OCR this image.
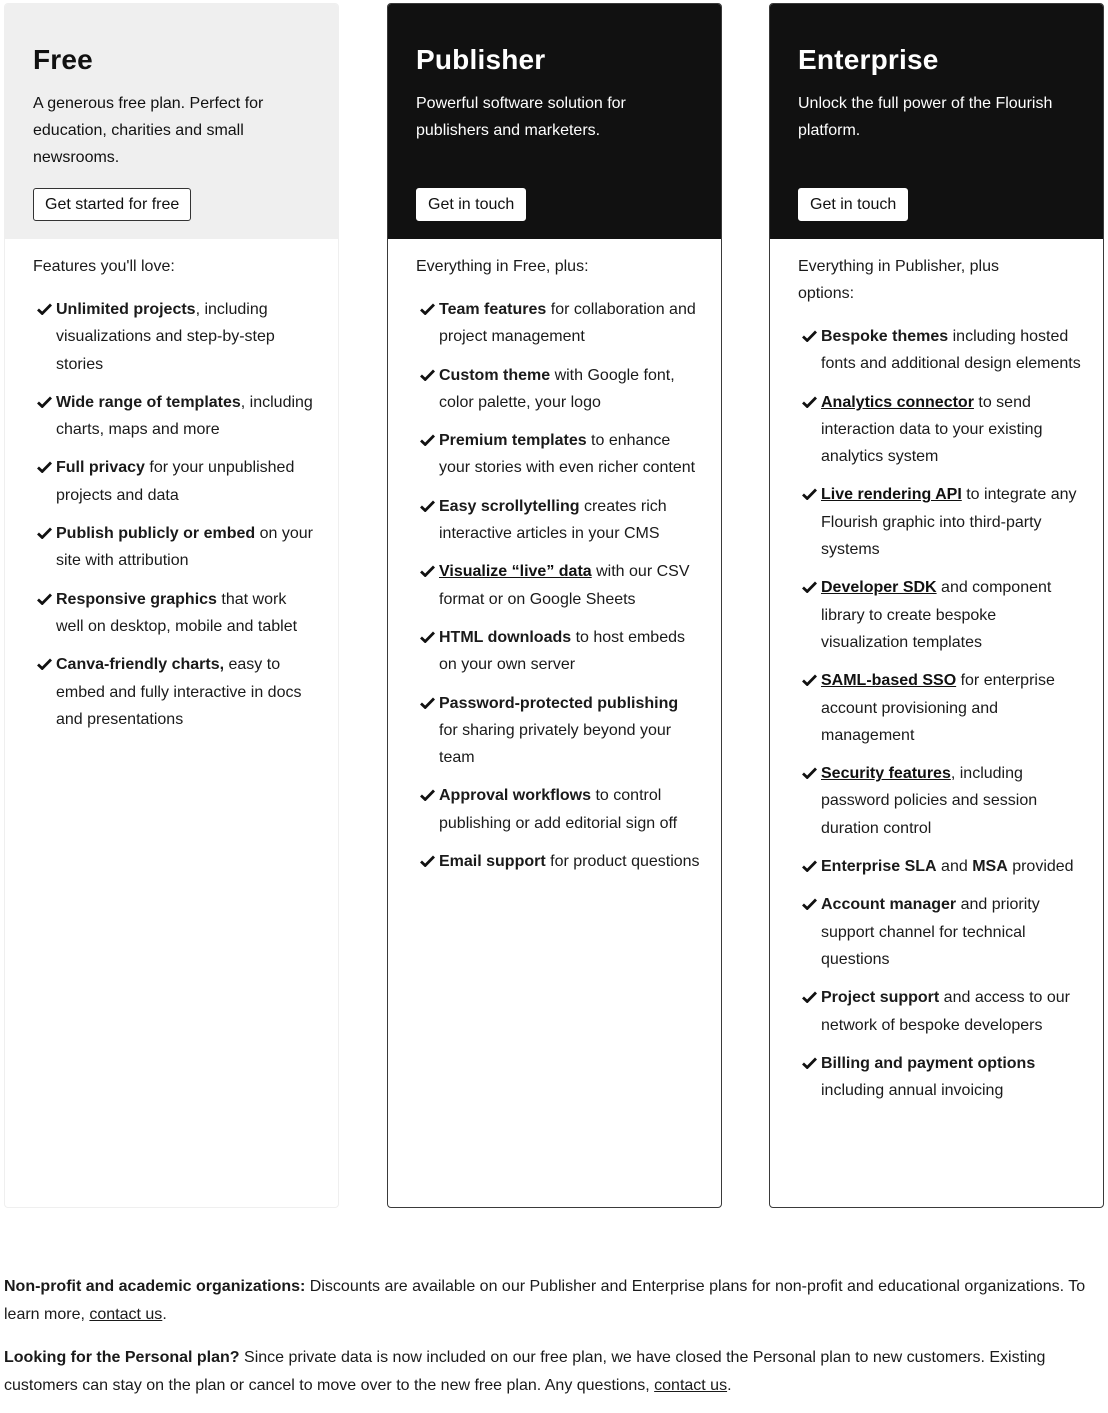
Free

A generous free plan. Perfect for education, charities and small newsrooms.

Get started for free

Features you'll love:

Unlimited projects, including visualizations and step-by-step stories
Wide range of templates, including charts, maps and more
Full privacy for your unpublished projects and data
Publish publicly or embed on your site with attribution
Responsive graphics that work well on desktop, mobile and tablet
Canva-friendly charts, easy to embed and fully interactive in docs and presentations
Publisher

Powerful software solution for publishers and marketers.

Get in touch

Everything in Free, plus:

Team features for collaboration and project management
Custom theme with Google font, color palette, your logo
Premium templates to enhance your stories with even richer content
Easy scrollytelling creates rich interactive articles in your CMS
Visualize “live” data with our CSV format or on Google Sheets
HTML downloads to host embeds on your own server
Password-protected publishing for sharing privately beyond your team
Approval workflows to control publishing or add editorial sign off
Email support for product questions
Enterprise

Unlock the full power of the Flourish platform.

Get in touch

Everything in Publisher, plus options:

Bespoke themes including hosted fonts and additional design elements
Analytics connector to send interaction data to your existing analytics system
Live rendering API to integrate any Flourish graphic into third-party systems
Developer SDK and component library to create bespoke visualization templates
SAML-based SSO for enterprise account provisioning and management
Security features, including password policies and session duration control
Enterprise SLA and MSA provided
Account manager and priority support channel for technical questions
Project support and access to our network of bespoke developers
Billing and payment options including annual invoicing

Non-profit and academic organizations: Discounts are available on our Publisher and Enterprise plans for non-profit and educational organizations. To learn more, contact us.

Looking for the Personal plan? Since private data is now included on our free plan, we have closed the Personal plan to new customers. Existing customers can stay on the plan or cancel to move over to the new free plan. Any questions, contact us.
